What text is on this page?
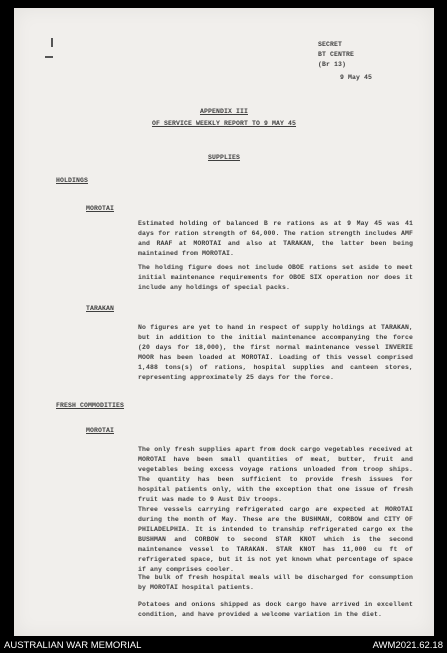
SECRET
BT CENTRE
(Br 13)
9 May 45
APPENDIX III
OF SERVICE WEEKLY REPORT TO 9 MAY 45
SUPPLIES
HOLDINGS
MOROTAI
Estimated holding of balanced B re rations as at 9 May 45 was 41 days for ration strength of 64,000. The ration strength includes AMF and RAAF at MOROTAI and also at TARAKAN, the latter been being maintained from MOROTAI.
The holding figure does not include OBOE rations set aside to meet initial maintenance requirements for OBOE SIX operation nor does it include any holdings of special packs.
TARAKAN
No figures are yet to hand in respect of supply holdings at TARAKAN, but in addition to the initial maintenance accompanying the force (20 days for 18,000), the first normal maintenance vessel INVERIE MOOR has been loaded at MOROTAI. Loading of this vessel comprised 1,488 tons(s) of rations, hospital supplies and canteen stores, representing approximately 25 days for the force.
FRESH COMMODITIES
MOROTAI
The only fresh supplies apart from dock cargo vegetables received at MOROTAI have been small quantities of meat, butter, fruit and vegetables being excess voyage rations unloaded from troop ships. The quantity has been sufficient to provide fresh issues for hospital patients only, with the exception that one issue of fresh fruit was made to 9 Aust Div troops.
Three vessels carrying refrigerated cargo are expected at MOROTAI during the month of May. These are the BUSHMAN, CORBOW and CITY OF PHILADELPHIA. It is intended to tranship refrigerated cargo ex the BUSHMAN and CORBOW to second STAR KNOT which is the second maintenance vessel to TARAKAN. STAR KNOT has 11,000 cu ft of refrigerated space, but it is not yet known what percentage of space if any comprises cooler.
The bulk of fresh hospital meals will be discharged for consumption by MOROTAI hospital patients.
Potatoes and onions shipped as dock cargo have arrived in excellent condition, and have provided a welcome variation in the diet.
AUSTRALIAN WAR MEMORIAL	AWM2021.62.18
